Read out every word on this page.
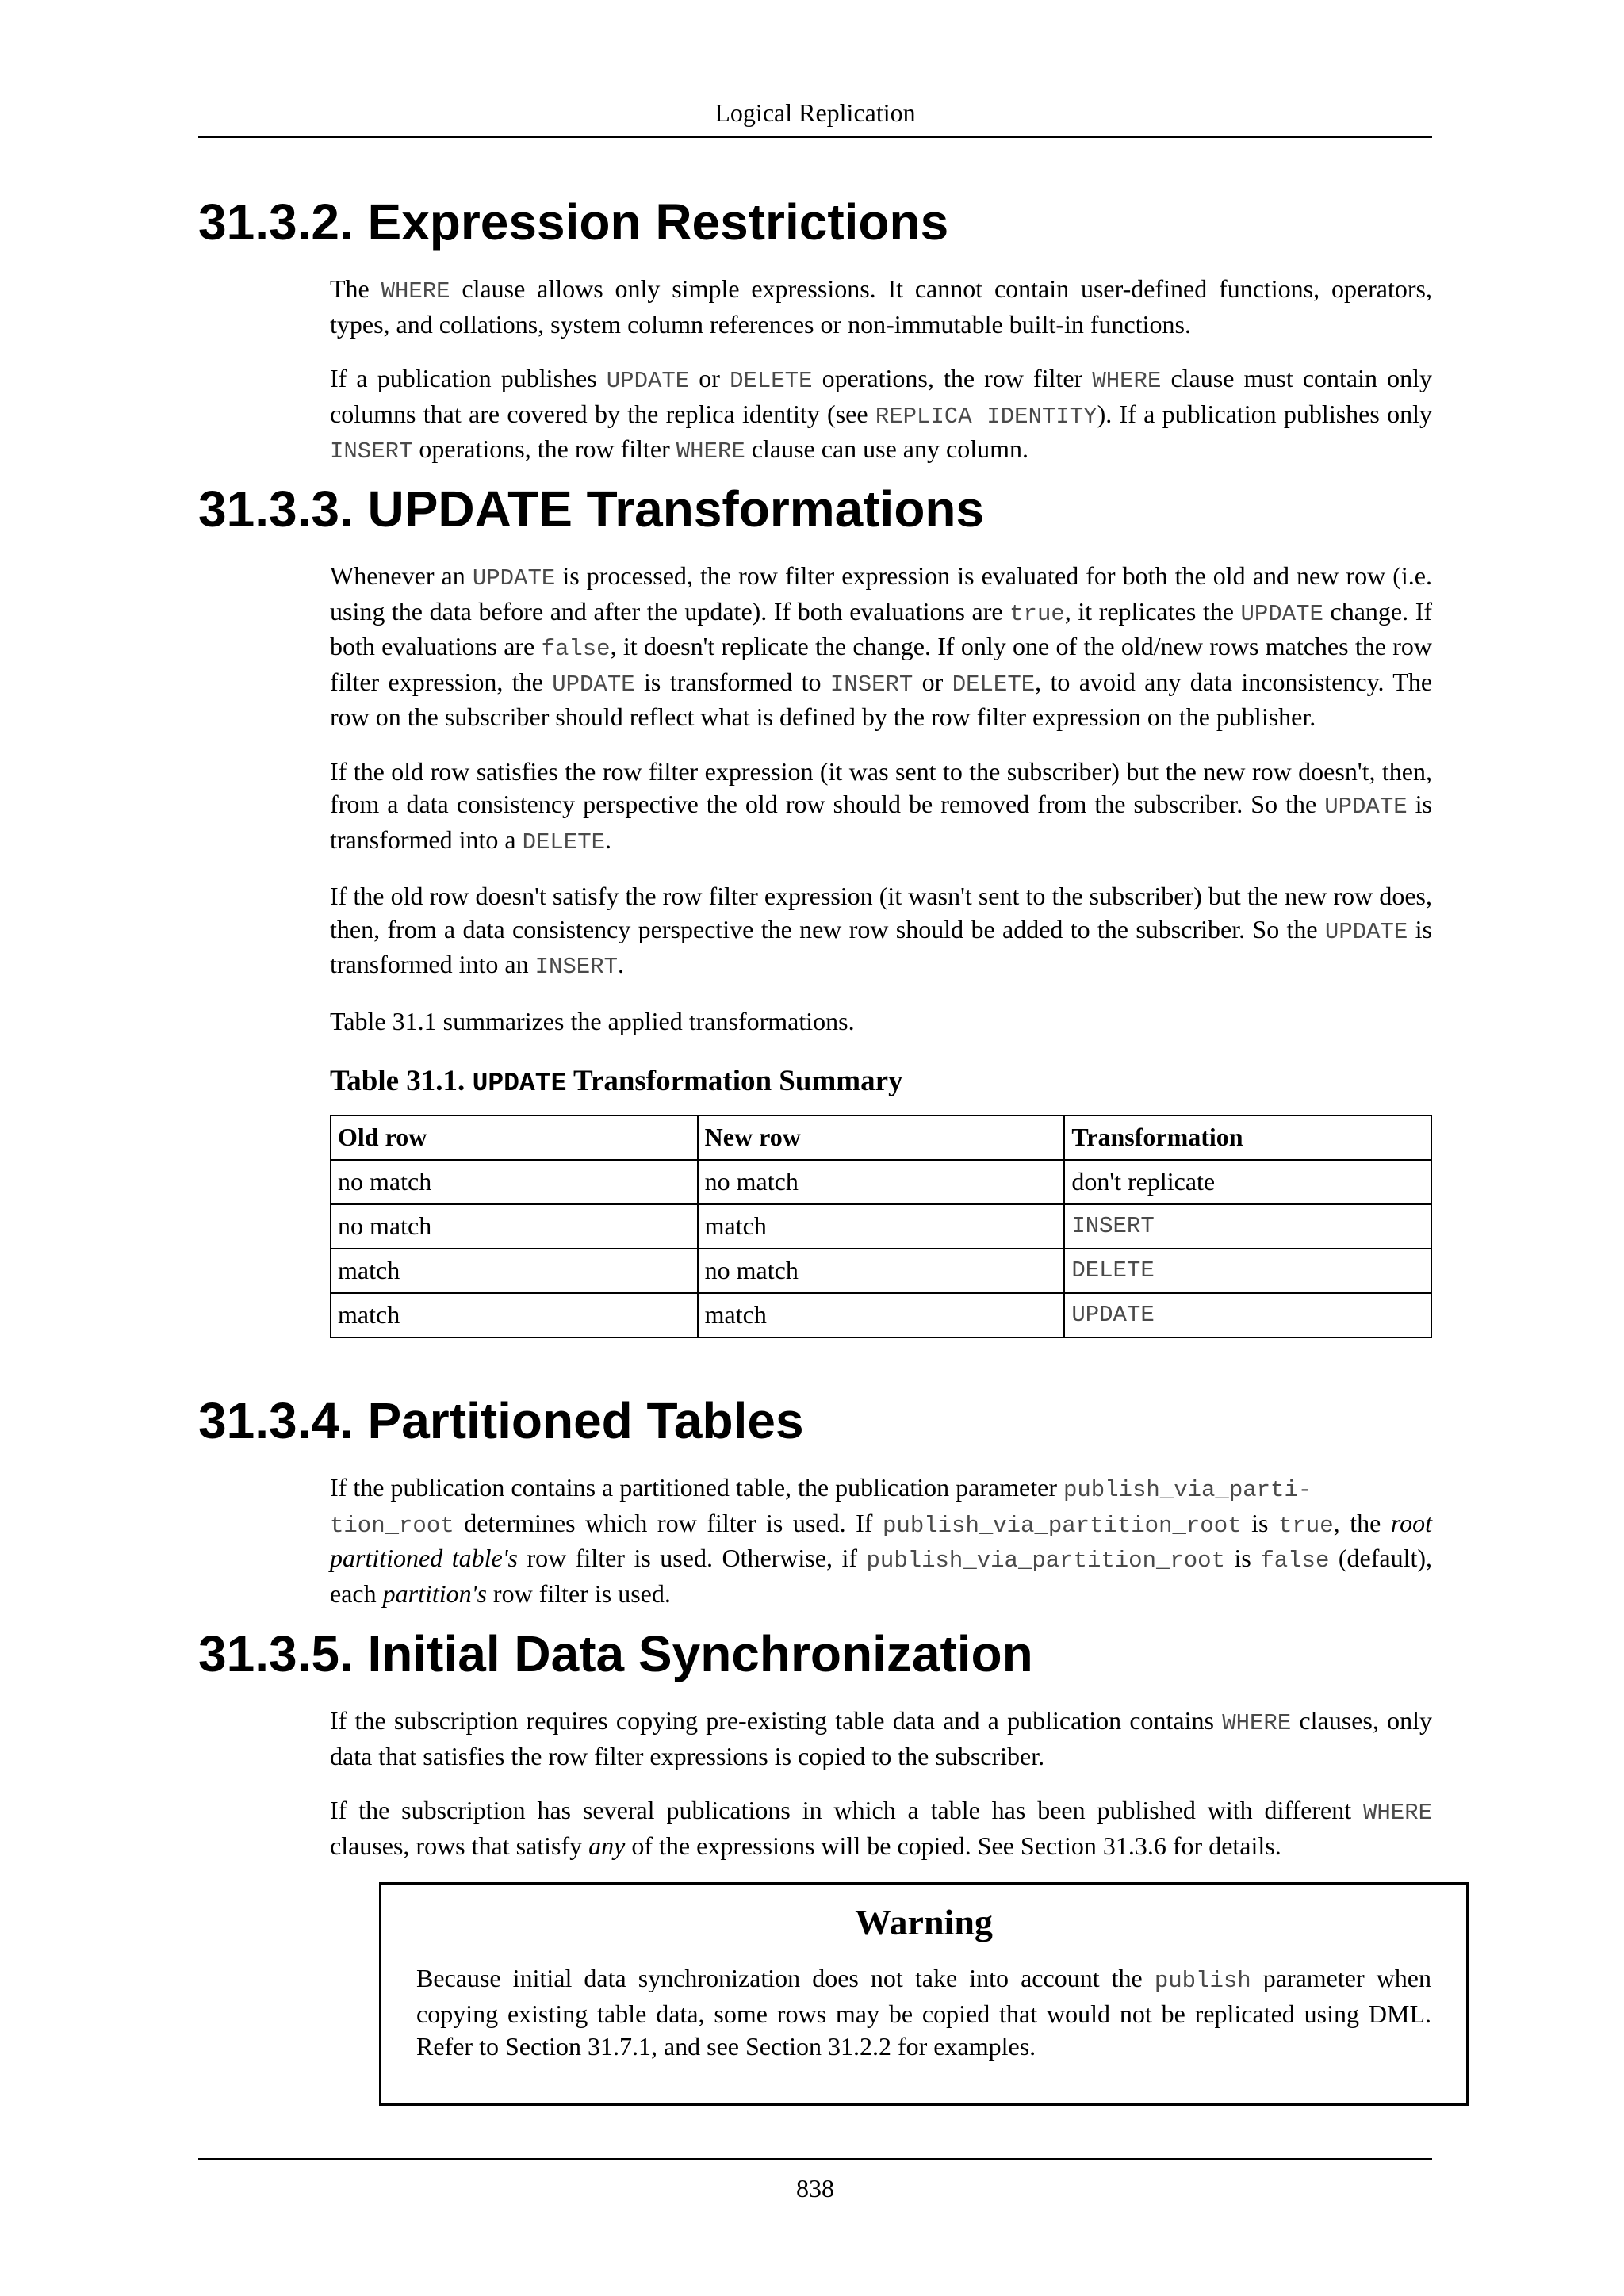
Logical Replication
31.3.2. Expression Restrictions

The WHERE clause allows only simple expressions. It cannot contain user-defined functions, operators, types, and collations, system column references or non-immutable built-in functions.

If a publication publishes UPDATE or DELETE operations, the row filter WHERE clause must contain only columns that are covered by the replica identity (see REPLICA IDENTITY). If a publication publishes only INSERT operations, the row filter WHERE clause can use any column.

31.3.3. UPDATE Transformations

Whenever an UPDATE is processed, the row filter expression is evaluated for both the old and new row (i.e. using the data before and after the update). If both evaluations are true, it replicates the UPDATE change. If both evaluations are false, it doesn't replicate the change. If only one of the old/new rows matches the row filter expression, the UPDATE is transformed to INSERT or DELETE, to avoid any data inconsistency. The row on the subscriber should reflect what is defined by the row filter expression on the publisher.

If the old row satisfies the row filter expression (it was sent to the subscriber) but the new row doesn't, then, from a data consistency perspective the old row should be removed from the subscriber. So the UPDATE is transformed into a DELETE.

If the old row doesn't satisfy the row filter expression (it wasn't sent to the subscriber) but the new row does, then, from a data consistency perspective the new row should be added to the subscriber. So the UPDATE is transformed into an INSERT.

Table 31.1 summarizes the applied transformations.

Table 31.1. UPDATE Transformation Summary
Old row	New row	Transformation
no match	no match	don't replicate
no match	match	INSERT
match	no match	DELETE
match	match	UPDATE
31.3.4. Partitioned Tables

If the publication contains a partitioned table, the publication parameter publish_via_parti-
tion_root determines which row filter is used. If publish_via_partition_root is true, the root partitioned table's row filter is used. Otherwise, if publish_via_partition_root is false (default), each partition's row filter is used.

31.3.5. Initial Data Synchronization

If the subscription requires copying pre-existing table data and a publication contains WHERE clauses, only data that satisfies the row filter expressions is copied to the subscriber.

If the subscription has several publications in which a table has been published with different WHERE clauses, rows that satisfy any of the expressions will be copied. See Section 31.3.6 for details.

Warning

Because initial data synchronization does not take into account the publish parameter when copying existing table data, some rows may be copied that would not be replicated using DML. Refer to Section 31.7.1, and see Section 31.2.2 for examples.

838
